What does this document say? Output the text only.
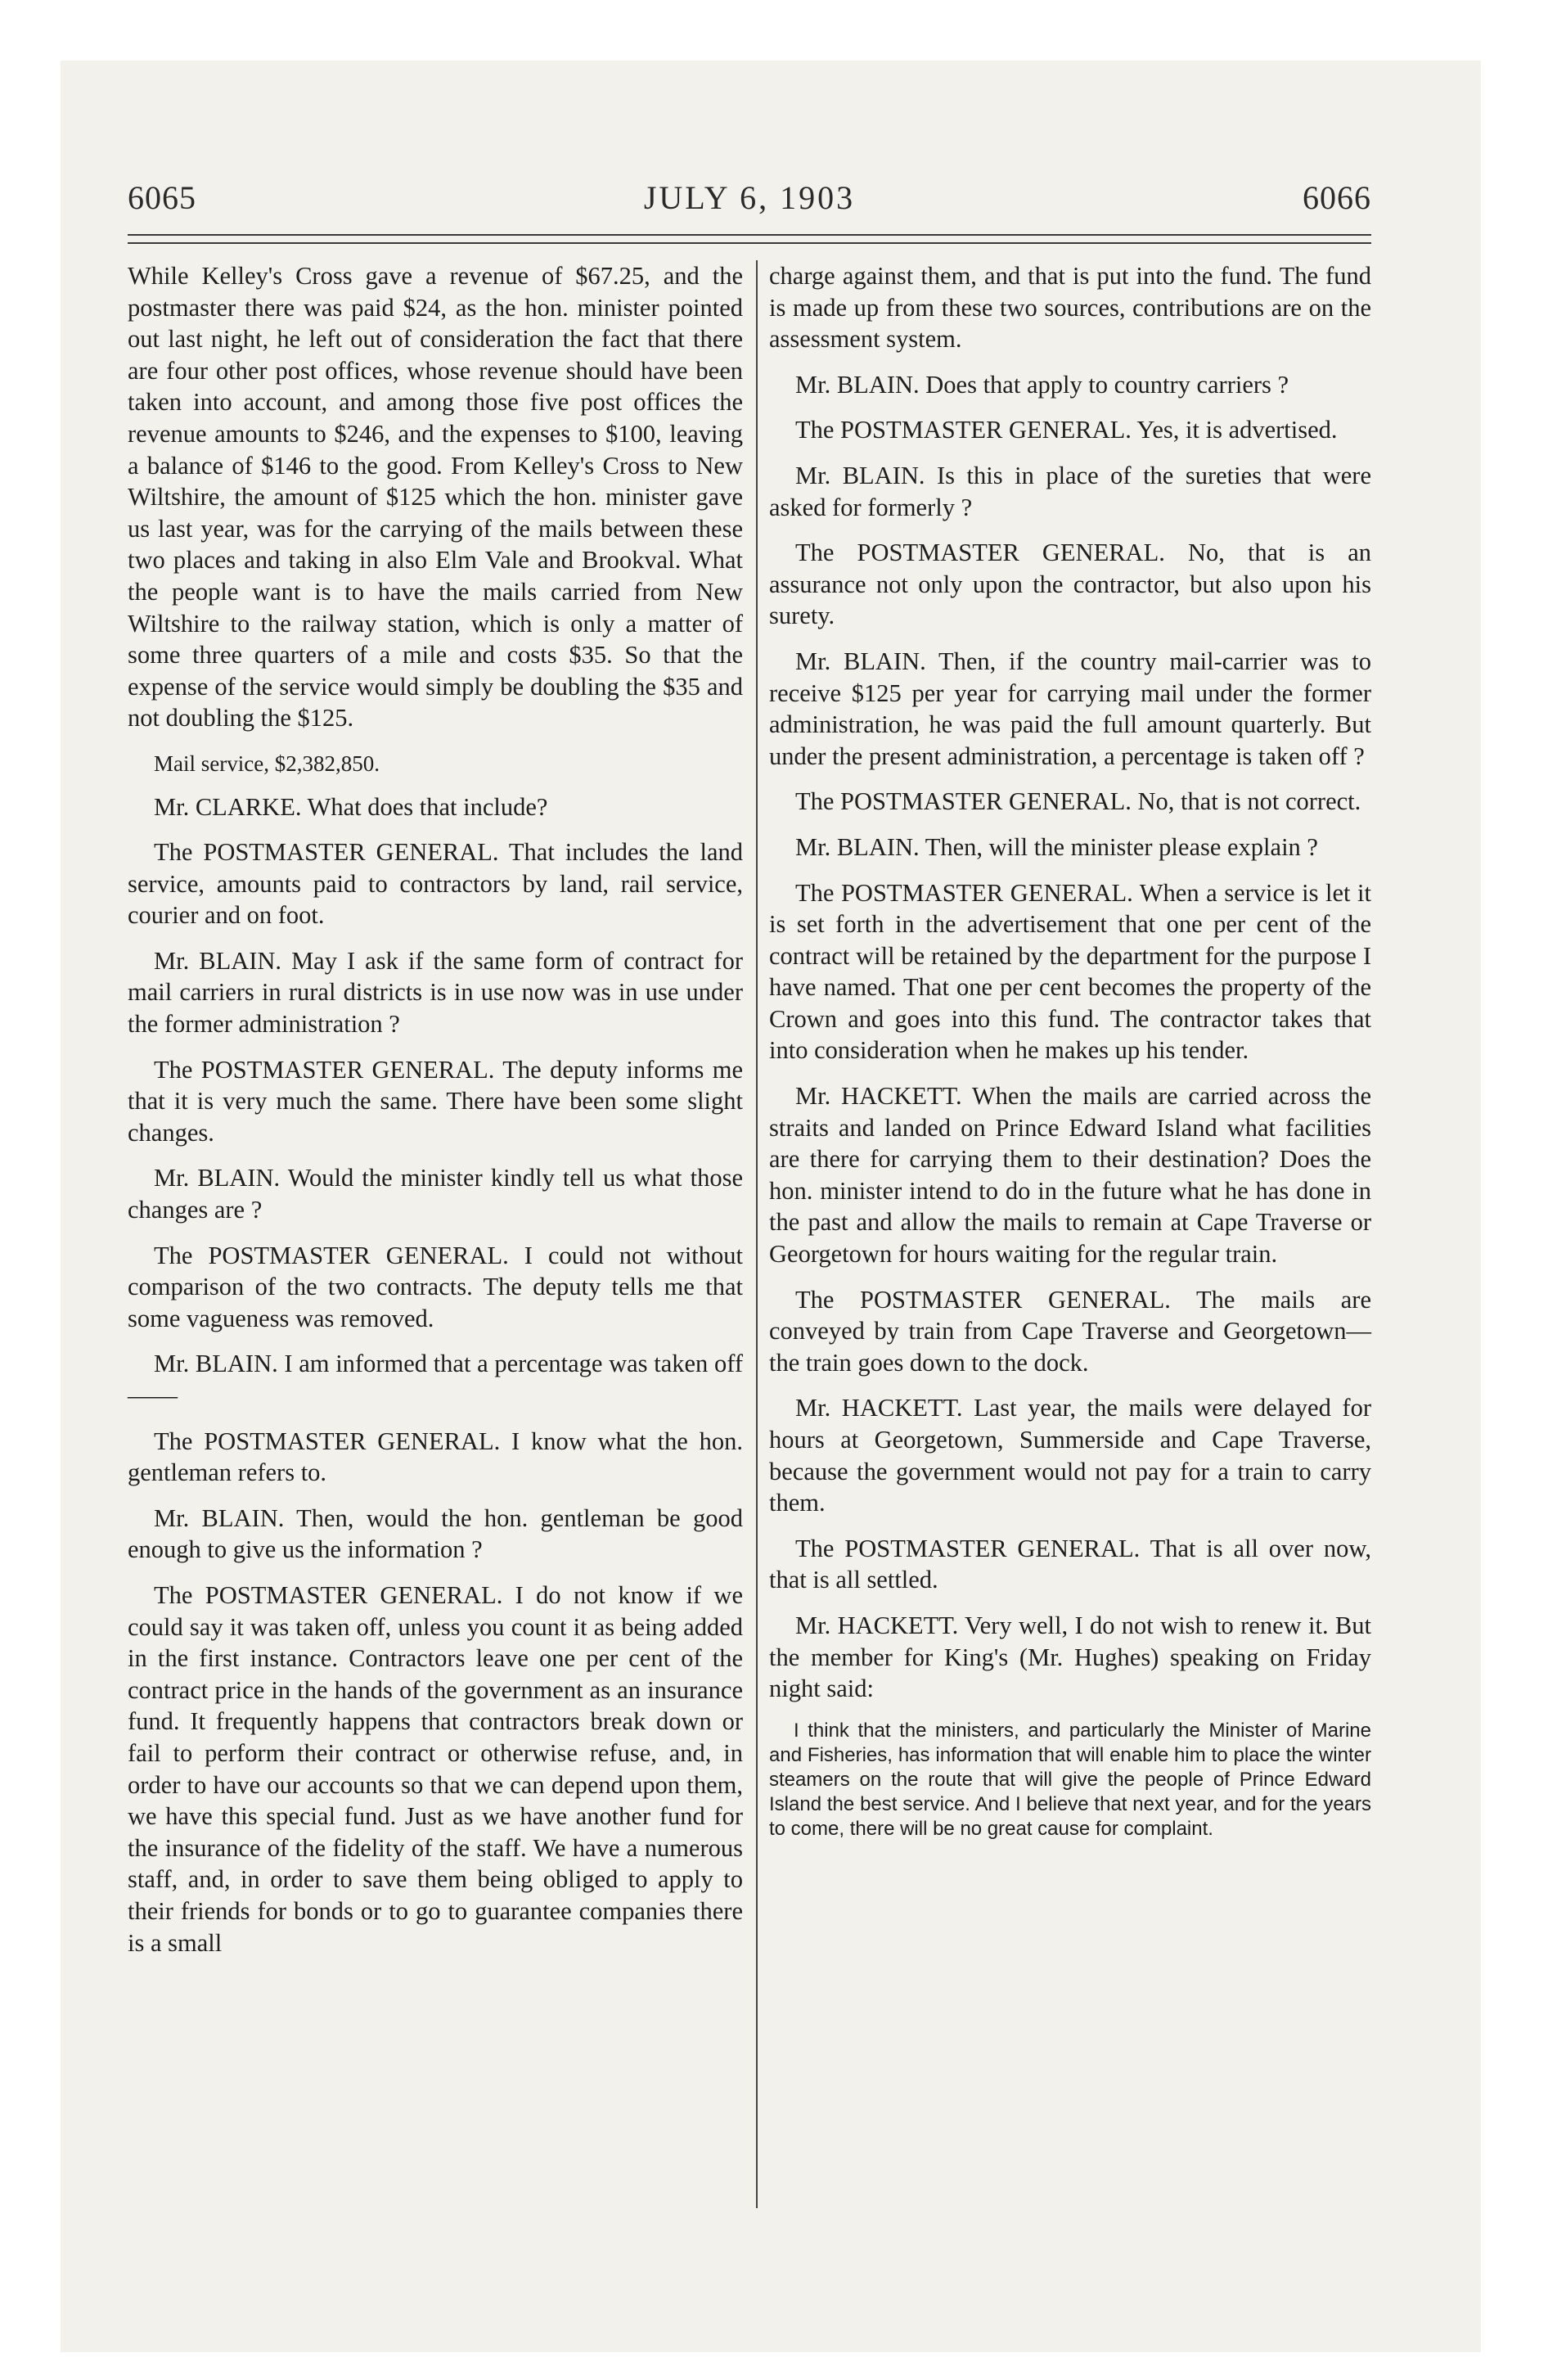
6065	JULY 6, 1903	6066

While Kelley's Cross gave a revenue of $67.25, and the postmaster there was paid $24, as the hon. minister pointed out last night, he left out of consideration the fact that there are four other post offices, whose revenue should have been taken into account, and among those five post offices the revenue amounts to $246, and the expenses to $100, leaving a balance of $146 to the good. From Kelley's Cross to New Wiltshire, the amount of $125 which the hon. minister gave us last year, was for the carrying of the mails between these two places and taking in also Elm Vale and Brookval. What the people want is to have the mails carried from New Wiltshire to the railway station, which is only a matter of some three quarters of a mile and costs $35. So that the expense of the service would simply be doubling the $35 and not doubling the $125.

Mail service, $2,382,850.

Mr. CLARKE. What does that include?

The POSTMASTER GENERAL. That includes the land service, amounts paid to contractors by land, rail service, courier and on foot.

Mr. BLAIN. May I ask if the same form of contract for mail carriers in rural districts is in use now was in use under the former administration ?

The POSTMASTER GENERAL. The deputy informs me that it is very much the same. There have been some slight changes.

Mr. BLAIN. Would the minister kindly tell us what those changes are ?

The POSTMASTER GENERAL. I could not without comparison of the two contracts. The deputy tells me that some vagueness was removed.

Mr. BLAIN. I am informed that a percentage was taken off——

The POSTMASTER GENERAL. I know what the hon. gentleman refers to.

Mr. BLAIN. Then, would the hon. gentleman be good enough to give us the information ?

The POSTMASTER GENERAL. I do not know if we could say it was taken off, unless you count it as being added in the first instance. Contractors leave one per cent of the contract price in the hands of the government as an insurance fund. It frequently happens that contractors break down or fail to perform their contract or otherwise refuse, and, in order to have our accounts so that we can depend upon them, we have this special fund. Just as we have another fund for the insurance of the fidelity of the staff. We have a numerous staff, and, in order to save them being obliged to apply to their friends for bonds or to go to guarantee companies there is a small

charge against them, and that is put into the fund. The fund is made up from these two sources, contributions are on the assessment system.

Mr. BLAIN. Does that apply to country carriers ?

The POSTMASTER GENERAL. Yes, it is advertised.

Mr. BLAIN. Is this in place of the sureties that were asked for formerly ?

The POSTMASTER GENERAL. No, that is an assurance not only upon the contractor, but also upon his surety.

Mr. BLAIN. Then, if the country mail-carrier was to receive $125 per year for carrying mail under the former administration, he was paid the full amount quarterly. But under the present administration, a percentage is taken off ?

The POSTMASTER GENERAL. No, that is not correct.

Mr. BLAIN. Then, will the minister please explain ?

The POSTMASTER GENERAL. When a service is let it is set forth in the advertisement that one per cent of the contract will be retained by the department for the purpose I have named. That one per cent becomes the property of the Crown and goes into this fund. The contractor takes that into consideration when he makes up his tender.

Mr. HACKETT. When the mails are carried across the straits and landed on Prince Edward Island what facilities are there for carrying them to their destination? Does the hon. minister intend to do in the future what he has done in the past and allow the mails to remain at Cape Traverse or Georgetown for hours waiting for the regular train.

The POSTMASTER GENERAL. The mails are conveyed by train from Cape Traverse and Georgetown—the train goes down to the dock.

Mr. HACKETT. Last year, the mails were delayed for hours at Georgetown, Summerside and Cape Traverse, because the government would not pay for a train to carry them.

The POSTMASTER GENERAL. That is all over now, that is all settled.

Mr. HACKETT. Very well, I do not wish to renew it. But the member for King's (Mr. Hughes) speaking on Friday night said:

I think that the ministers, and particularly the Minister of Marine and Fisheries, has information that will enable him to place the winter steamers on the route that will give the people of Prince Edward Island the best service. And I believe that next year, and for the years to come, there will be no great cause for complaint.
